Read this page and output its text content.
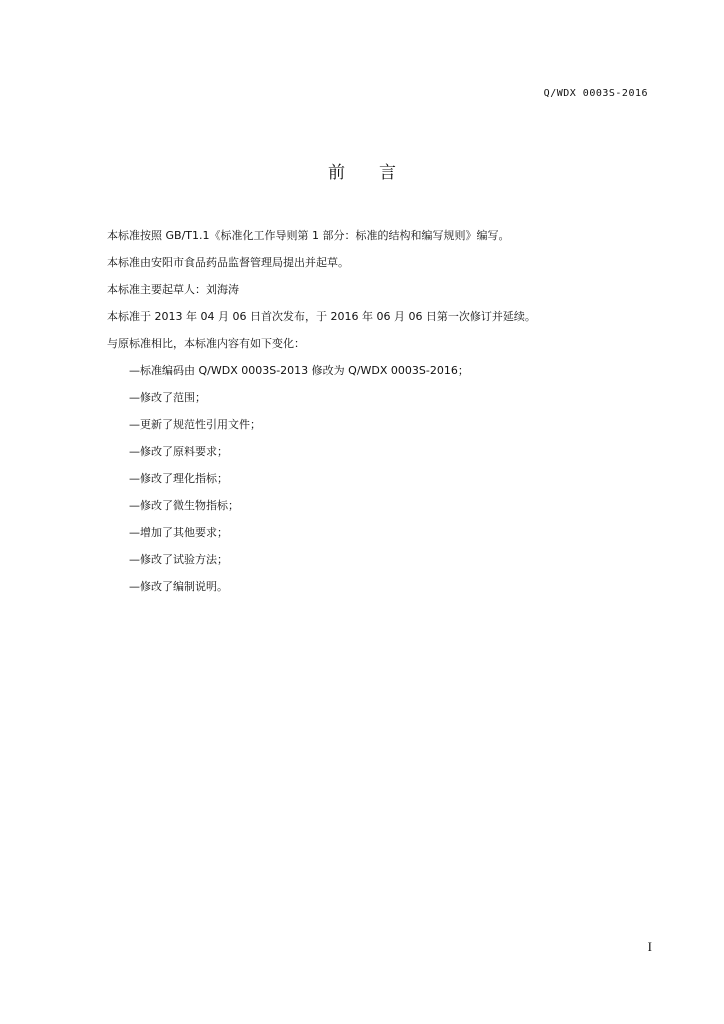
Q/WDX 0003S-2016
前言

本标准按照 GB/T1.1《标准化工作导则第 1 部分：标准的结构和编写规则》编写。

本标准由安阳市食品药品监督管理局提出并起草。

本标准主要起草人：刘海涛

本标准于 2013 年 04 月 06 日首次发布，于 2016 年 06 月 06 日第一次修订并延续。

与原标准相比，本标准内容有如下变化：

—标准编码由 Q/WDX 0003S-2013 修改为 Q/WDX 0003S-2016；
—修改了范围；
—更新了规范性引用文件；
—修改了原料要求；
—修改了理化指标；
—修改了微生物指标；
—增加了其他要求；
—修改了试验方法；
—修改了编制说明。
I
